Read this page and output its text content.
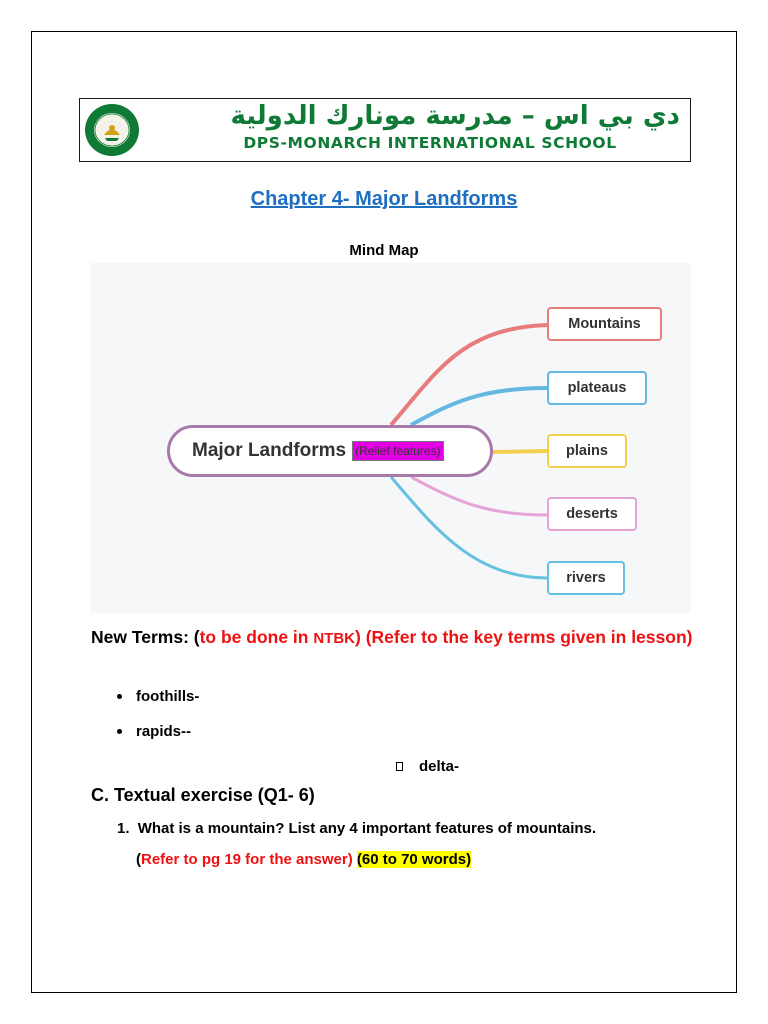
دي بي اس – مدرسة مونارك الدولية
DPS-MONARCH INTERNATIONAL SCHOOL
Chapter 4- Major Landforms
Mind Map
Major Landforms (Relief features)
Mountains
plateaus
plains
deserts
rivers
New Terms: (to be done in NTBK) (Refer to the key terms given in lesson)
foothills-
rapids--
delta-
C. Textual exercise (Q1- 6)
1. What is a mountain? List any 4 important features of mountains.
(Refer to pg 19 for the answer) (60 to 70 words)
